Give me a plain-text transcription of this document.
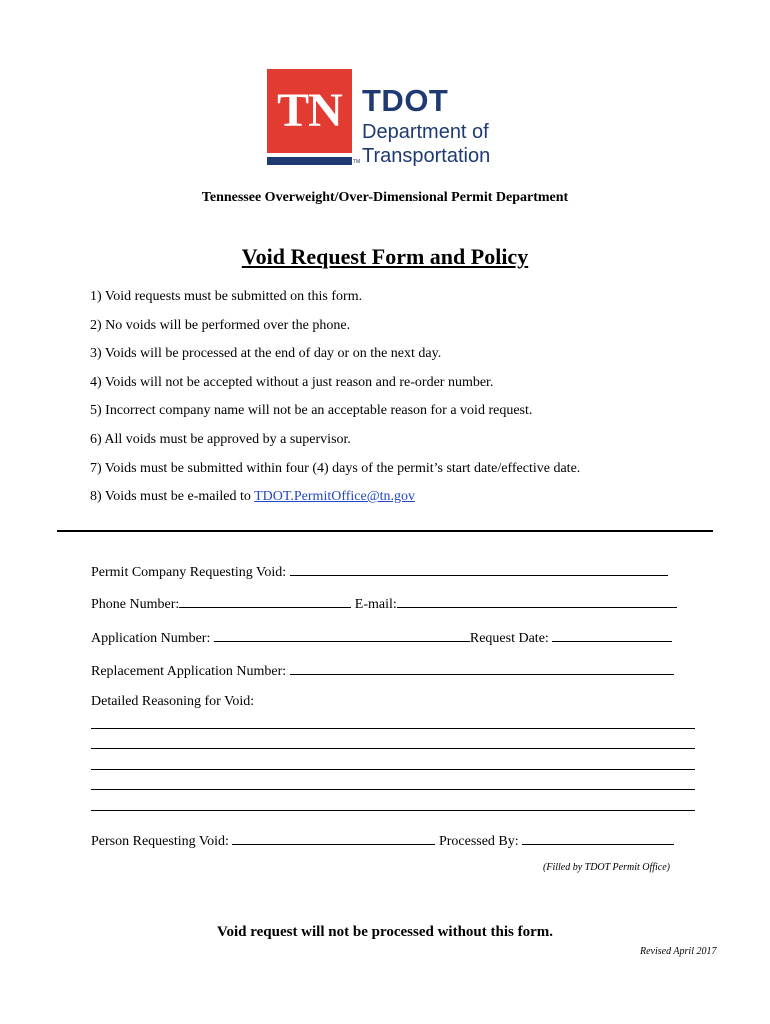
TN
TM
TDOT
Department of
Transportation
Tennessee Overweight/Over-Dimensional Permit Department
Void Request Form and Policy
1) Void requests must be submitted on this form.
2) No voids will be performed over the phone.
3) Voids will be processed at the end of day or on the next day.
4) Voids will not be accepted without a just reason and re-order number.
5) Incorrect company name will not be an acceptable reason for a void request.
6) All voids must be approved by a supervisor.
7) Voids must be submitted within four (4) days of the permit’s start date/effective date.
8) Voids must be e-mailed to TDOT.PermitOffice@tn.gov
Permit Company Requesting Void:
Phone Number:	E-mail:
Application Number:	Request Date:
Replacement Application Number:
Detailed Reasoning for Void:
Person Requesting Void:	Processed By:
(Filled by TDOT Permit Office)
Void request will not be processed without this form.
Revised April 2017
